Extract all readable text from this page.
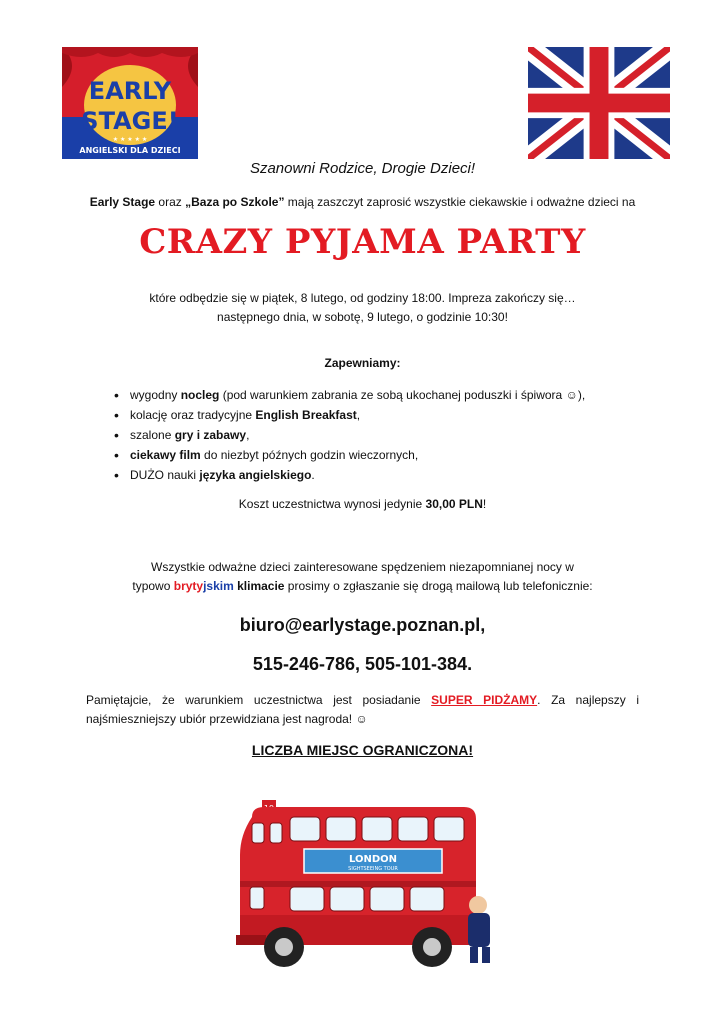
EARLY
STAGE!
★ ★ ★ ★ ★
ANGIELSKI DLA DZIECI
Szanowni Rodzice, Drogie Dzieci!
Early Stage oraz „Baza po Szkole” mają zaszczyt zaprosić wszystkie ciekawskie i odważne dzieci na
CRAZY PYJAMA PARTY
które odbędzie się w piątek, 8 lutego, od godziny 18:00. Impreza zakończy się…
następnego dnia, w sobotę, 9 lutego, o godzinie 10:30!
Zapewniamy:
• wygodny nocleg (pod warunkiem zabrania ze sobą ukochanej poduszki i śpiwora ☺),
• kolację oraz tradycyjne English Breakfast,
• szalone gry i zabawy,
• ciekawy film do niezbyt późnych godzin wieczornych,
• DUŻO nauki języka angielskiego.
Koszt uczestnictwa wynosi jedynie 30,00 PLN!
Wszystkie odważne dzieci zainteresowane spędzeniem niezapomnianej nocy w
typowo brytyjskim klimacie prosimy o zgłaszanie się drogą mailową lub telefonicznie:
biuro@earlystage.poznan.pl,
515-246-786, 505-101-384.
Pamiętajcie, że warunkiem uczestnictwa jest posiadanie SUPER PIDŻAMY. Za najlepszy i najśmieszniejszy ubiór przewidziana jest nagroda! ☺
LICZBA MIEJSC OGRANICZONA!
LONDON
SIGHTSEEING TOUR
